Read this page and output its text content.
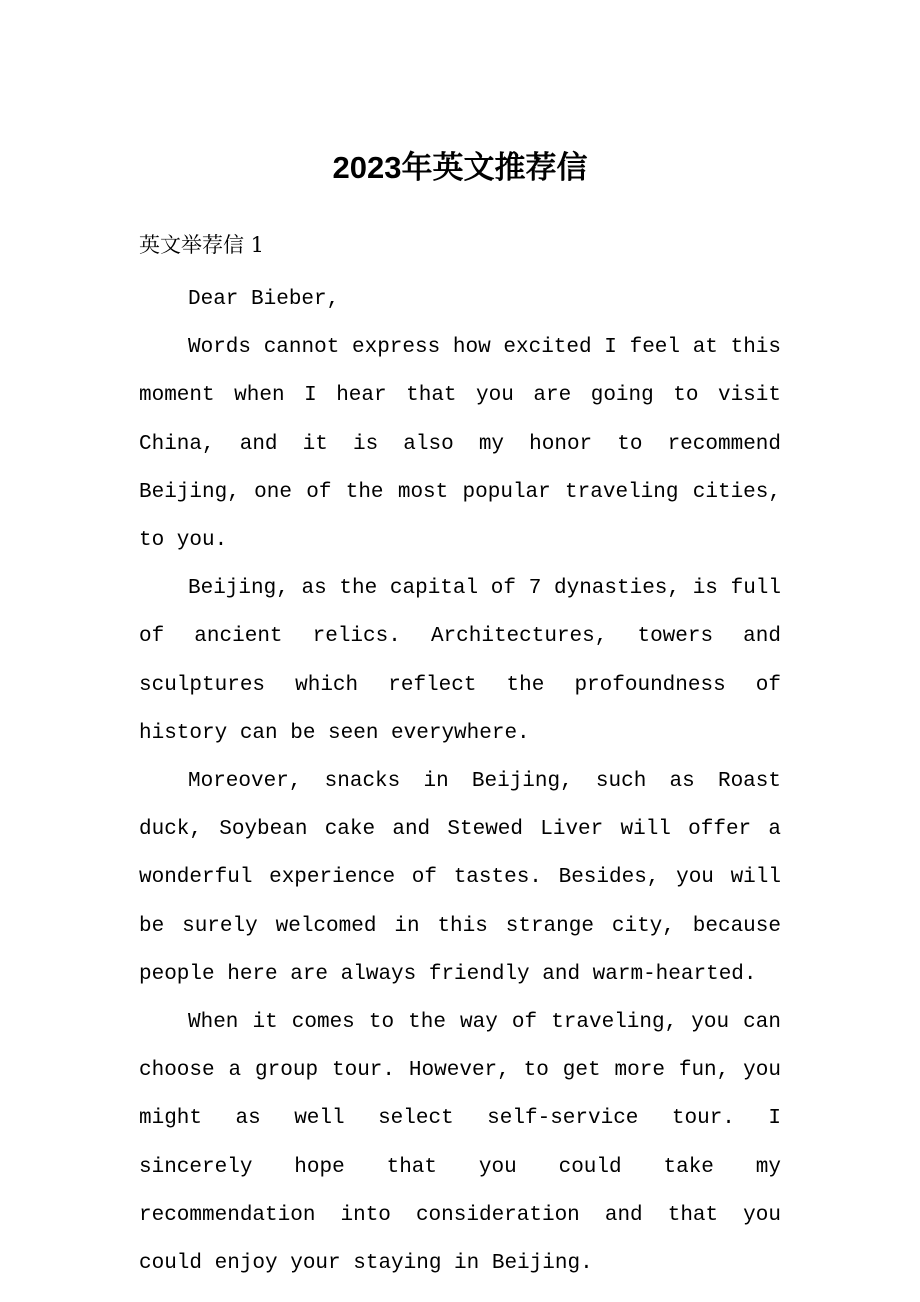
2023年英文推荐信
英文举荐信 1

Dear Bieber,

Words cannot express how excited I feel at this moment when I hear that you are going to visit China, and it is also my honor to recommend Beijing, one of the most popular traveling cities, to you.

Beijing, as the capital of 7 dynasties, is full of ancient relics. Architectures, towers and sculptures which reflect the profoundness of history can be seen everywhere.

Moreover, snacks in Beijing, such as Roast duck, Soybean cake and Stewed Liver will offer a wonderful experience of tastes. Besides, you will be surely welcomed in this strange city, because people here are always friendly and warm-hearted.

When it comes to the way of traveling, you can choose a group tour. However, to get more fun, you might as well select self-service tour. I sincerely hope that you could take my recommendation into consideration and that you could enjoy your staying in Beijing.
